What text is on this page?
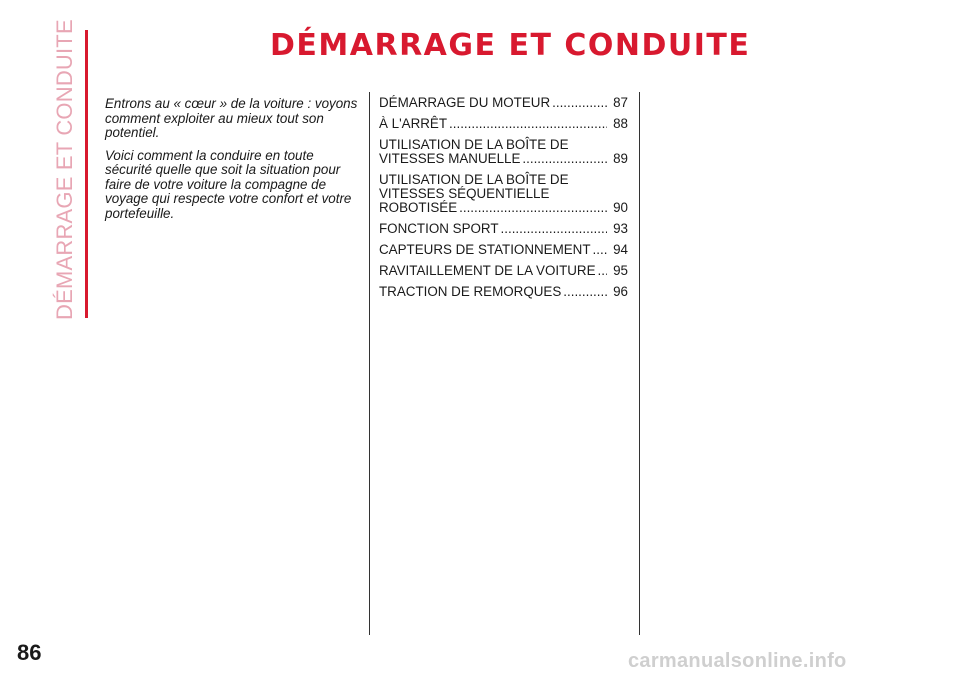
DÉMARRAGE ET CONDUITE	DÉMARRAGE ET CONDUITE

Entrons au « cœur » de la voiture : voyons comment exploiter au mieux tout son potentiel.

Voici comment la conduire en toute sécurité quelle que soit la situation pour faire de votre voiture la compagne de voyage qui respecte votre confort et votre portefeuille.

DÉMARRAGE DU MOTEUR .....	87
À L'ARRÊT .....	88
UTILISATION DE LA BOÎTE DE
VITESSES MANUELLE .....	89
UTILISATION DE LA BOÎTE DE
VITESSES SÉQUENTIELLE
ROBOTISÉE .....	90
FONCTION SPORT .....	93
CAPTEURS DE STATIONNEMENT ..... 94
RAVITAILLEMENT DE LA VOITURE ..... 95
TRACTION DE REMORQUES .....	96
86	carmanualsonline.info
